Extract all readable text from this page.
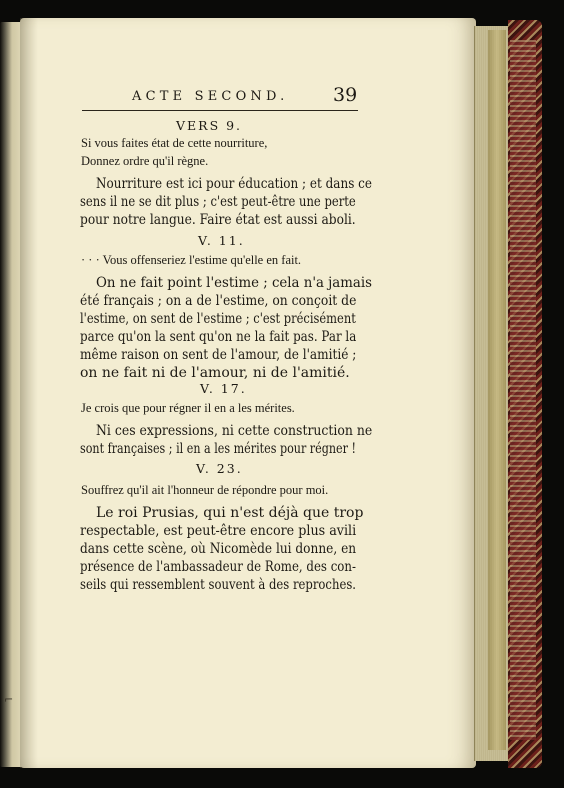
ACTE SECOND. 39
VERS 9.
Si vous faites état de cette nourriture,
Donnez ordre qu'il règne.
Nourriture est ici pour éducation ; et dans ce
sens il ne se dit plus ; c'est peut-être une perte
pour notre langue. Faire état est aussi aboli.
V. 11.
· · · Vous offenseriez l'estime qu'elle en fait.
On ne fait point l'estime ; cela n'a jamais
été français ; on a de l'estime, on conçoit de
l'estime, on sent de l'estime ; c'est précisément
parce qu'on la sent qu'on ne la fait pas. Par la
même raison on sent de l'amour, de l'amitié ;
on ne fait ni de l'amour, ni de l'amitié.
V. 17.
Je crois que pour régner il en a les mérites.
Ni ces expressions, ni cette construction ne
sont françaises ; il en a les mérites pour régner !
V. 23.
Souffrez qu'il ait l'honneur de répondre pour moi.
Le roi Prusias, qui n'est déjà que trop
respectable, est peut-être encore plus avili
dans cette scène, où Nicomède lui donne, en
présence de l'ambassadeur de Rome, des con-
seils qui ressemblent souvent à des reproches.
⌐
